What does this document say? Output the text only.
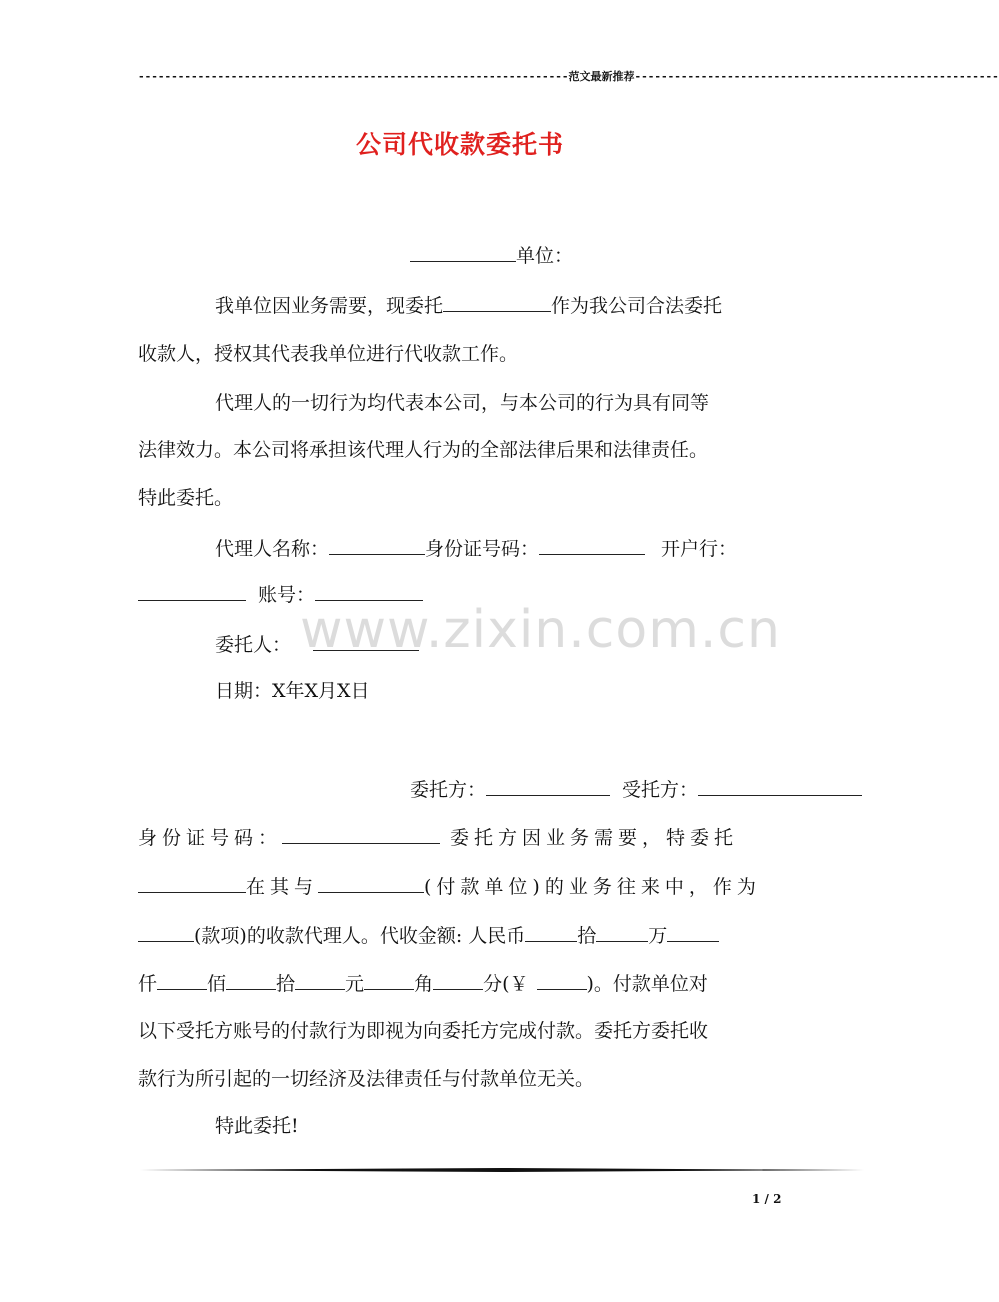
-----------------------------------------------------------------范文最新推荐-------------------------------------------------------
公司代收款委托书
单位：
我单位因业务需要，现委托	作为我公司合法委托
收款人，授权其代表我单位进行代收款工作。
代理人的一切行为均代表本公司，与本公司的行为具有同等
法律效力。本公司将承担该代理人行为的全部法律后果和法律责任。
特此委托。
代理人名称：	身份证号码：	开户行：
账号：
委托人：
日期：X年X月X日
www.zixin.com.cn
委托方：	受托方：
身份证号码：	委托方因业务需要，特委托
在其与	(付款单位)的业务往来中，作为
(款项)的收款代理人。代收金额: 人民币	拾	万
仟	佰	拾	元	角	分(￥	)。付款单位对
以下受托方账号的付款行为即视为向委托方完成付款。委托方委托收
款行为所引起的一切经济及法律责任与付款单位无关。
特此委托!
1 / 2
